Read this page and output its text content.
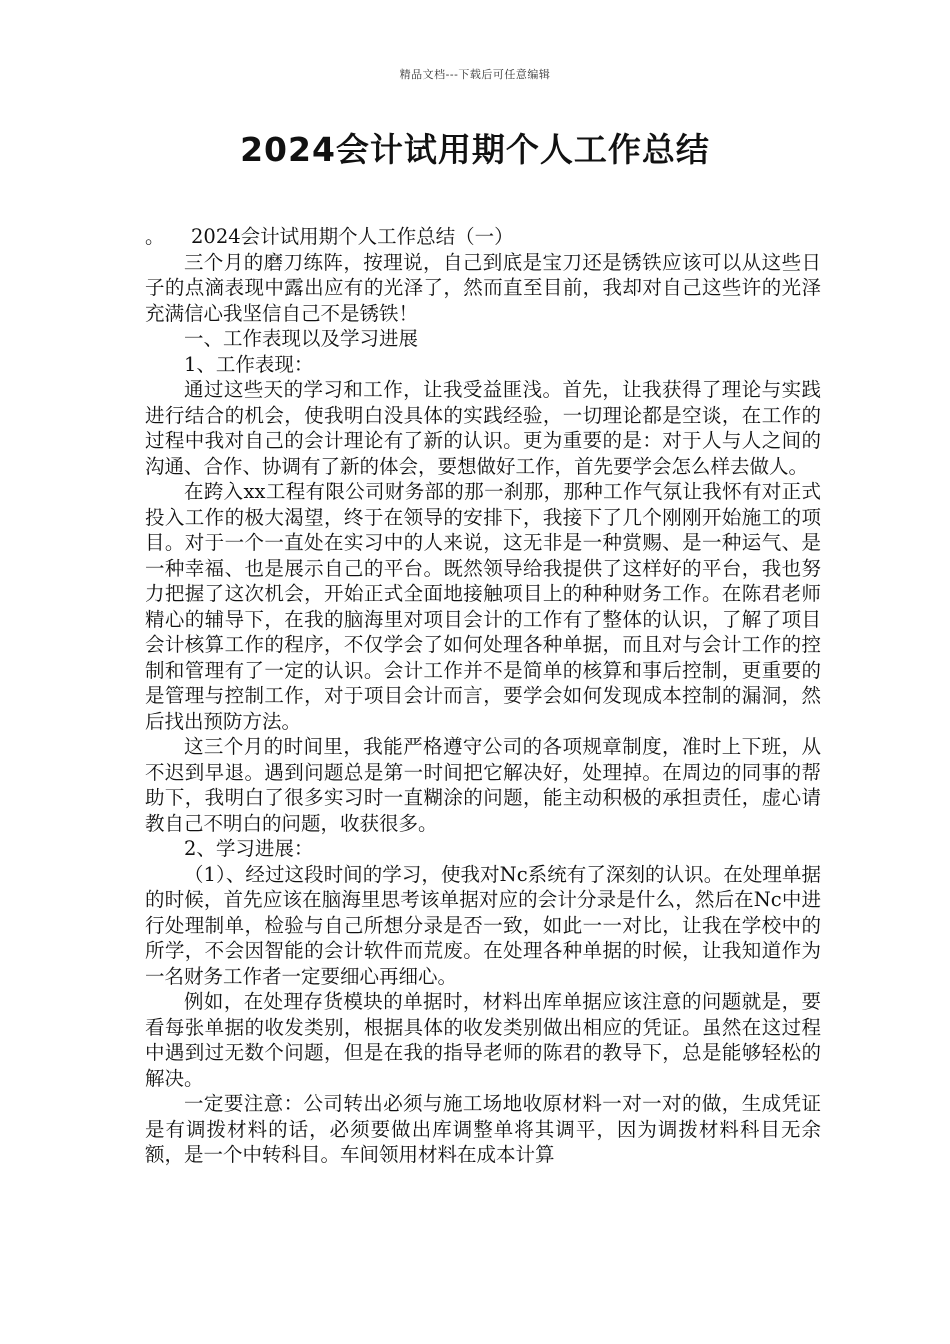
精品文档---下载后可任意编辑
2024会计试用期个人工作总结

。 2024会计试用期个人工作总结（一）

三个月的磨刀练阵，按理说，自己到底是宝刀还是锈铁应该可以从这些日子的点滴表现中露出应有的光泽了，然而直至目前，我却对自己这些许的光泽充满信心我坚信自己不是锈铁！

一、工作表现以及学习进展

1、工作表现：

通过这些天的学习和工作，让我受益匪浅。首先，让我获得了理论与实践进行结合的机会，使我明白没具体的实践经验，一切理论都是空谈，在工作的过程中我对自己的会计理论有了新的认识。更为重要的是：对于人与人之间的沟通、合作、协调有了新的体会，要想做好工作，首先要学会怎么样去做人。

在跨入xx工程有限公司财务部的那一刹那，那种工作气氛让我怀有对正式投入工作的极大渴望，终于在领导的安排下，我接下了几个刚刚开始施工的项目。对于一个一直处在实习中的人来说，这无非是一种赏赐、是一种运气、是一种幸福、也是展示自己的平台。既然领导给我提供了这样好的平台，我也努力把握了这次机会，开始正式全面地接触项目上的种种财务工作。在陈君老师精心的辅导下，在我的脑海里对项目会计的工作有了整体的认识，了解了项目会计核算工作的程序，不仅学会了如何处理各种单据，而且对与会计工作的控制和管理有了一定的认识。会计工作并不是简单的核算和事后控制，更重要的是管理与控制工作，对于项目会计而言，要学会如何发现成本控制的漏洞，然后找出预防方法。

这三个月的时间里，我能严格遵守公司的各项规章制度，准时上下班，从不迟到早退。遇到问题总是第一时间把它解决好，处理掉。在周边的同事的帮助下，我明白了很多实习时一直糊涂的问题，能主动积极的承担责任，虚心请教自己不明白的问题，收获很多。

2、学习进展：

（1）、经过这段时间的学习，使我对Nc系统有了深刻的认识。在处理单据的时候，首先应该在脑海里思考该单据对应的会计分录是什么，然后在Nc中进行处理制单，检验与自己所想分录是否一致，如此一一对比，让我在学校中的所学，不会因智能的会计软件而荒废。在处理各种单据的时候，让我知道作为一名财务工作者一定要细心再细心。

例如，在处理存货模块的单据时，材料出库单据应该注意的问题就是，要看每张单据的收发类别，根据具体的收发类别做出相应的凭证。虽然在这过程中遇到过无数个问题，但是在我的指导老师的陈君的教导下，总是能够轻松的解决。

一定要注意：公司转出必须与施工场地收原材料一对一对的做，生成凭证是有调拨材料的话，必须要做出库调整单将其调平，因为调拨材料科目无余额，是一个中转科目。车间领用材料在成本计算
